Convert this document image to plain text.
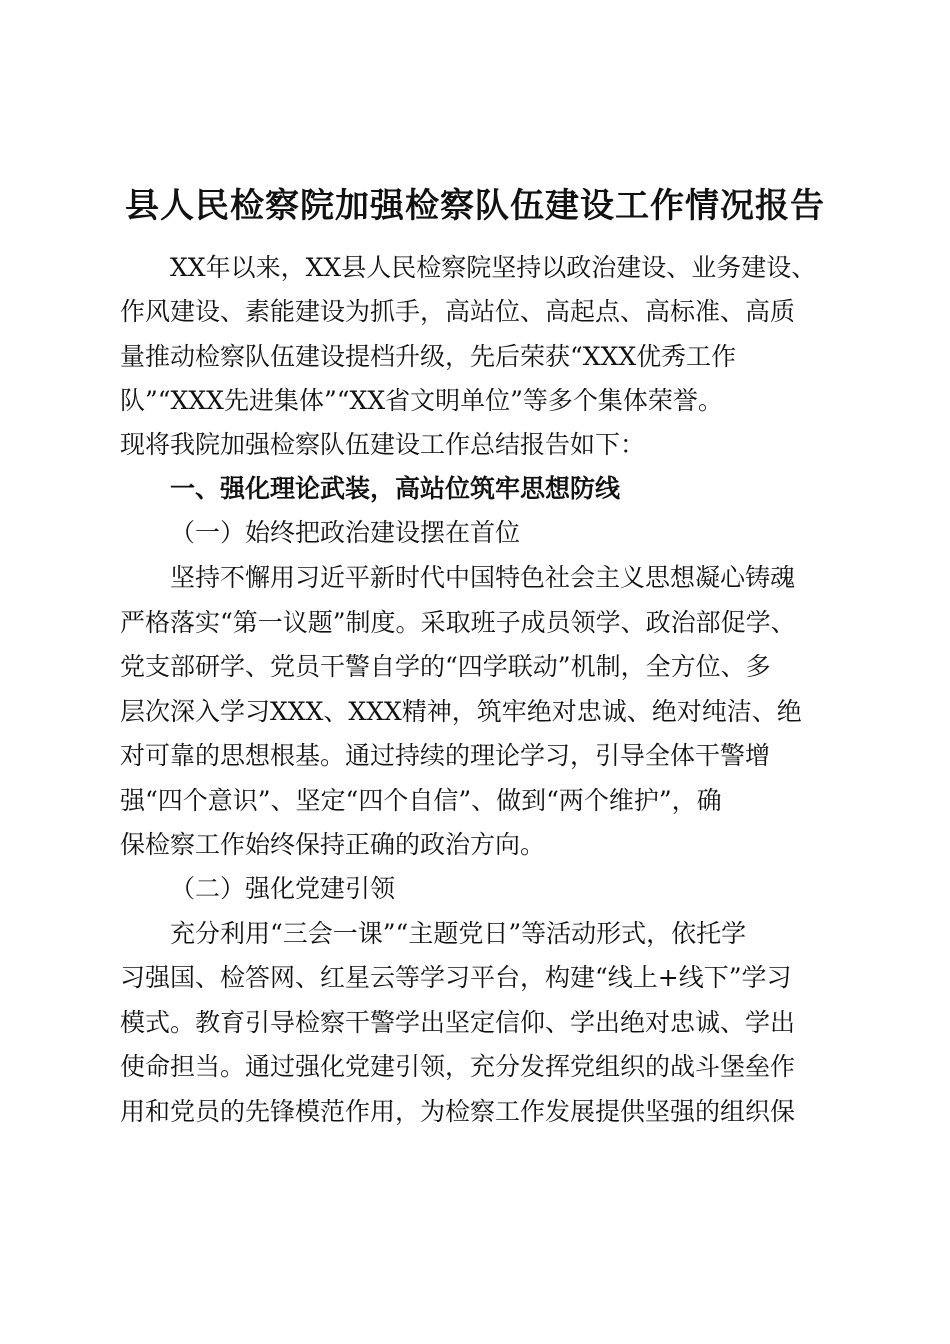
县人民检察院加强检察队伍建设工作情况报告
XX年以来，XX县人民检察院坚持以政治建设、业务建设、
作风建设、素能建设为抓手，高站位、高起点、高标准、高质
量推动检察队伍建设提档升级，先后荣获“XXX优秀工作
队”“XXX先进集体”“XX省文明单位”等多个集体荣誉。
现将我院加强检察队伍建设工作总结报告如下：
一、强化理论武装，高站位筑牢思想防线
（一）始终把政治建设摆在首位
坚持不懈用习近平新时代中国特色社会主义思想凝心铸魂
严格落实“第一议题”制度。采取班子成员领学、政治部促学、
党支部研学、党员干警自学的“四学联动”机制，全方位、多
层次深入学习XXX、XXX精神，筑牢绝对忠诚、绝对纯洁、绝
对可靠的思想根基。通过持续的理论学习，引导全体干警增
强“四个意识”、坚定“四个自信”、做到“两个维护”，确
保检察工作始终保持正确的政治方向。
（二）强化党建引领
充分利用“三会一课”“主题党日”等活动形式，依托学
习强国、检答网、红星云等学习平台，构建“线上+线下”学习
模式。教育引导检察干警学出坚定信仰、学出绝对忠诚、学出
使命担当。通过强化党建引领，充分发挥党组织的战斗堡垒作
用和党员的先锋模范作用，为检察工作发展提供坚强的组织保
